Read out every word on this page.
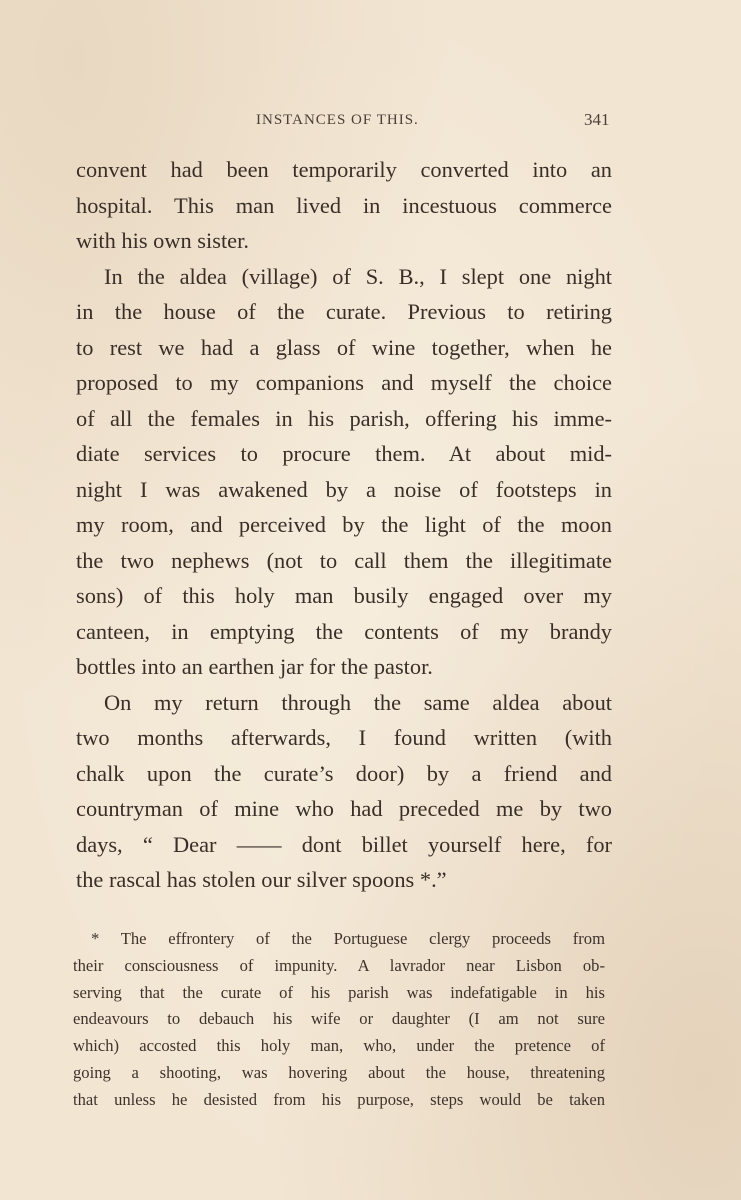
INSTANCES OF THIS.	341

convent had been temporarily converted into an
hospital. This man lived in incestuous commerce
with his own sister.

In the aldea (village) of S. B., I slept one night
in the house of the curate. Previous to retiring
to rest we had a glass of wine together, when he
proposed to my companions and myself the choice
of all the females in his parish, offering his imme-
diate services to procure them. At about mid-
night I was awakened by a noise of footsteps in
my room, and perceived by the light of the moon
the two nephews (not to call them the illegitimate
sons) of this holy man busily engaged over my
canteen, in emptying the contents of my brandy
bottles into an earthen jar for the pastor.

On my return through the same aldea about
two months afterwards, I found written (with
chalk upon the curate’s door) by a friend and
countryman of mine who had preceded me by two
days, “ Dear —— dont billet yourself here, for
the rascal has stolen our silver spoons *.”

* The effrontery of the Portuguese clergy proceeds from
their consciousness of impunity. A lavrador near Lisbon ob-
serving that the curate of his parish was indefatigable in his
endeavours to debauch his wife or daughter (I am not sure
which) accosted this holy man, who, under the pretence of
going a shooting, was hovering about the house, threatening
that unless he desisted from his purpose, steps would be taken
